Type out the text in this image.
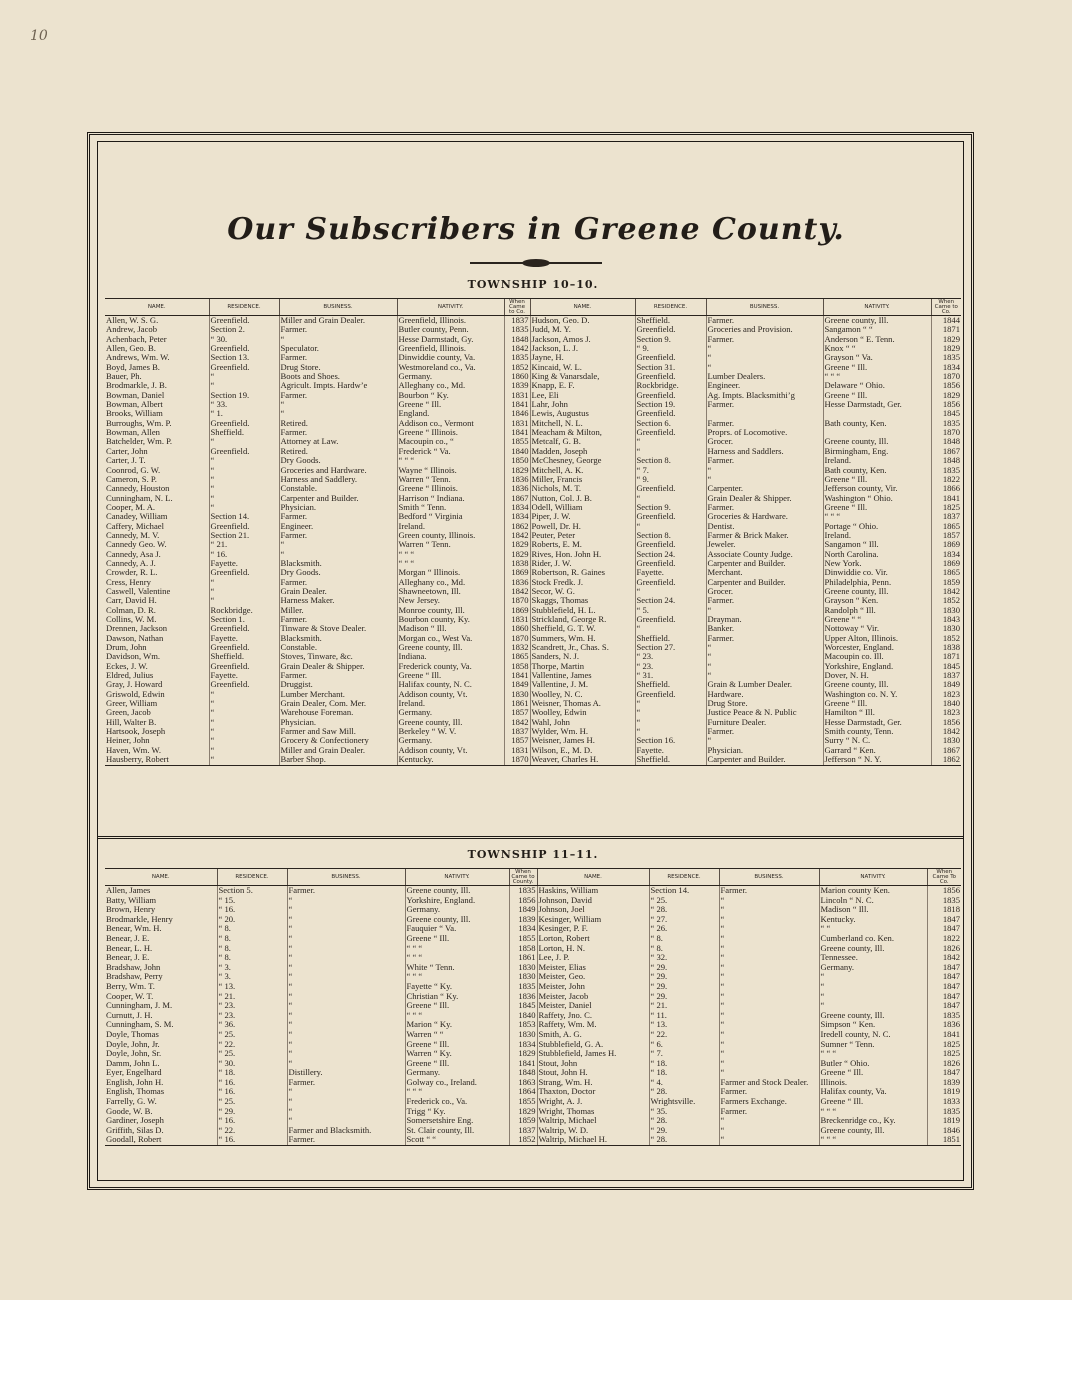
10
Our Subscribers in Greene County.
TOWNSHIP 10–10.
NAME.	RESIDENCE.	BUSINESS.	NATIVITY.	When Came to Co.	NAME.	RESIDENCE.	BUSINESS.	NATIVITY.	When Came to Co.
Allen, W. S. G.	Greenfield.	Miller and Grain Dealer.	Greenfield, Illinois.	1837	Hudson, Geo. D.	Sheffield.	Farmer.	Greene county, Ill.	1844
Andrew, Jacob	Section 2.	Farmer.	Butler county, Penn.	1835	Judd, M. Y.	Greenfield.	Groceries and Provision.	Sangamon “ “	1871
Achenbach, Peter	“ 30.	“	Hesse Darmstadt, Gy.	1848	Jackson, Amos J.	Section 9.	Farmer.	Anderson “ E. Tenn.	1829
Allen, Geo. B.	Greenfield.	Speculator.	Greenfield, Illinois.	1842	Jackson, L. J.	“ 9.	“	Knox “ “	1829
Andrews, Wm. W.	Section 13.	Farmer.	Dinwiddie county, Va.	1835	Jayne, H.	Greenfield.	“	Grayson “ Va.	1835
Boyd, James B.	Greenfield.	Drug Store.	Westmoreland co., Va.	1852	Kincaid, W. L.	Section 31.	“	Greene “ Ill.	1834
Bauer, Ph.	“	Boots and Shoes.	Germany.	1860	King & Vanarsdale,	Greenfield.	Lumber Dealers.	“ “ “	1870
Brodmarkle, J. B.	“	Agricult. Impts. Hardw’e	Alleghany co., Md.	1839	Knapp, E. F.	Rockbridge.	Engineer.	Delaware “ Ohio.	1856
Bowman, Daniel	Section 19.	Farmer.	Bourbon “ Ky.	1831	Lee, Eli	Greenfield.	Ag. Impts. Blacksmithi’g	Greene “ Ill.	1829
Bowman, Albert	“ 33.	“	Greene “ Ill.	1841	Lahr, John	Section 19.	Farmer.	Hesse Darmstadt, Ger.	1856
Brooks, William	“ 1.	“	England.	1846	Lewis, Augustus	Greenfield.			1845
Burroughs, Wm. P.	Greenfield.	Retired.	Addison co., Vermont	1831	Mitchell, N. L.	Section 6.	Farmer.	Bath county, Ken.	1835
Bowman, Allen	Sheffield.	Farmer.	Greene “ Illinois.	1841	Meacham & Milton,	Greenfield.	Proprs. of Locomotive.		1870
Batchelder, Wm. P.	“	Attorney at Law.	Macoupin co., “	1855	Metcalf, G. B.	“	Grocer.	Greene county, Ill.	1848
Carter, John	Greenfield.	Retired.	Frederick “ Va.	1840	Madden, Joseph	“	Harness and Saddlers.	Birmingham, Eng.	1867
Carter, J. T.	“	Dry Goods.	“ “ “	1850	McChesney, George	Section 8.	Farmer.	Ireland.	1848
Coonrod, G. W.	“	Groceries and Hardware.	Wayne “ Illinois.	1829	Mitchell, A. K.	“ 7.	“	Bath county, Ken.	1835
Cameron, S. P.	“	Harness and Saddlery.	Warren “ Tenn.	1836	Miller, Francis	“ 9.	“	Greene “ Ill.	1822
Cannedy, Houston	“	Constable.	Greene “ Illinois.	1836	Nichols, M. T.	Greenfield.	Carpenter.	Jefferson county, Vir.	1866
Cunningham, N. L.	“	Carpenter and Builder.	Harrison “ Indiana.	1867	Nutton, Col. J. B.	“	Grain Dealer & Shipper.	Washington “ Ohio.	1841
Cooper, M. A.	“	Physician.	Smith “ Tenn.	1834	Odell, William	Section 9.	Farmer.	Greene “ Ill.	1825
Canadey, William	Section 14.	Farmer.	Bedford “ Virginia	1834	Piper, J. W.	Greenfield.	Groceries & Hardware.	“ “ “	1837
Caffery, Michael	Greenfield.	Engineer.	Ireland.	1862	Powell, Dr. H.	“	Dentist.	Portage “ Ohio.	1865
Cannedy, M. V.	Section 21.	Farmer.	Green county, Illinois.	1842	Peuter, Peter	Section 8.	Farmer & Brick Maker.	Ireland.	1857
Cannedy Geo. W.	“ 21.	“	Warren “ Tenn.	1829	Roberts, E. M.	Greenfield.	Jeweler.	Sangamon “ Ill.	1869
Cannedy, Asa J.	“ 16.	“	“ “ “	1829	Rives, Hon. John H.	Section 24.	Associate County Judge.	North Carolina.	1834
Cannedy, A. J.	Fayette.	Blacksmith.	“ “ “	1838	Rider, J. W.	Greenfield.	Carpenter and Builder.	New York.	1869
Crowder, R. L.	Greenfield.	Dry Goods.	Morgan “ Illinois.	1869	Robertson, R. Gaines	Fayette.	Merchant.	Dinwiddie co. Vir.	1865
Cress, Henry	“	Farmer.	Alleghany co., Md.	1836	Stock Fredk. J.	Greenfield.	Carpenter and Builder.	Philadelphia, Penn.	1859
Caswell, Valentine	“	Grain Dealer.	Shawneetown, Ill.	1842	Secor, W. G.	“	Grocer.	Greene county, Ill.	1842
Carr, David H.	“	Harness Maker.	New Jersey.	1870	Skaggs, Thomas	Section 24.	Farmer.	Grayson “ Ken.	1852
Colman, D. R.	Rockbridge.	Miller.	Monroe county, Ill.	1869	Stubblefield, H. L.	“ 5.	“	Randolph “ Ill.	1830
Collins, W. M.	Section 1.	Farmer.	Bourbon county, Ky.	1831	Strickland, George R.	Greenfield.	Drayman.	Greene “ “	1843
Drennen, Jackson	Greenfield.	Tinware & Stove Dealer.	Madison “ Ill.	1860	Sheffield, G. T. W.	“	Banker.	Nottoway “ Vir.	1830
Dawson, Nathan	Fayette.	Blacksmith.	Morgan co., West Va.	1870	Summers, Wm. H.	Sheffield.	Farmer.	Upper Alton, Illinois.	1852
Drum, John	Greenfield.	Constable.	Greene county, Ill.	1832	Scandrett, Jr., Chas. S.	Section 27.	“	Worcester, England.	1838
Davidson, Wm.	Sheffield.	Stoves, Tinware, &c.	Indiana.	1865	Sanders, N. J.	“ 23.	“	Macoupin co. Ill.	1871
Eckes, J. W.	Greenfield.	Grain Dealer & Shipper.	Frederick county, Va.	1858	Thorpe, Martin	“ 23.	“	Yorkshire, England.	1845
Eldred, Julius	Fayette.	Farmer.	Greene “ Ill.	1841	Vallentine, James	“ 31.	“	Dover, N. H.	1837
Gray, J. Howard	Greenfield.	Druggist.	Halifax county, N. C.	1849	Vallentine, J. M.	Sheffield.	Grain & Lumber Dealer.	Greene county, Ill.	1849
Griswold, Edwin	“	Lumber Merchant.	Addison county, Vt.	1830	Woolley, N. C.	Greenfield.	Hardware.	Washington co. N. Y.	1823
Greer, William	“	Grain Dealer, Com. Mer.	Ireland.	1861	Weisner, Thomas A.	“	Drug Store.	Greene “ Ill.	1840
Green, Jacob	“	Warehouse Foreman.	Germany.	1857	Woolley, Edwin	“	Justice Peace & N. Public	Hamilton “ Ill.	1823
Hill, Walter B.	“	Physician.	Greene county, Ill.	1842	Wahl, John	“	Furniture Dealer.	Hesse Darmstadt, Ger.	1856
Hartsook, Joseph	“	Farmer and Saw Mill.	Berkeley “ W. V.	1837	Wylder, Wm. H.	“	Farmer.	Smith county, Tenn.	1842
Heiner, John	“	Grocery & Confectionery	Germany.	1857	Weisner, James H.	Section 16.	“	Surry “ N. C.	1830
Haven, Wm. W.	“	Miller and Grain Dealer.	Addison county, Vt.	1831	Wilson, E., M. D.	Fayette.	Physician.	Garrard “ Ken.	1867
Hausberry, Robert	“	Barber Shop.	Kentucky.	1870	Weaver, Charles H.	Sheffield.	Carpenter and Builder.	Jefferson “ N. Y.	1862
TOWNSHIP 11–11.
NAME.	RESIDENCE.	BUSINESS.	NATIVITY.	When Came to County.	NAME.	RESIDENCE.	BUSINESS.	NATIVITY.	When Came To Co.
Allen, James	Section 5.	Farmer.	Greene county, Ill.	1835	Haskins, William	Section 14.	Farmer.	Marion county Ken.	1856
Batty, William	“ 15.	“	Yorkshire, England.	1856	Johnson, David	“ 25.	“	Lincoln “ N. C.	1835
Brown, Henry	“ 16.	“	Germany.	1849	Johnson, Joel	“ 28.	“	Madison “ Ill.	1818
Brodmarkle, Henry	“ 20.	“	Greene county, Ill.	1839	Kesinger, William	“ 27.	“	Kentucky.	1847
Benear, Wm. H.	“ 8.	“	Fauquier “ Va.	1834	Kesinger, P. F.	“ 26.	“	“ “	1847
Benear, J. E.	“ 8.	“	Greene “ Ill.	1855	Lorton, Robert	“ 8.	“	Cumberland co. Ken.	1822
Benear, L. H.	“ 8.	“	“ “ “	1858	Lorton, H. N.	“ 8.	“	Greene county, Ill.	1826
Benear, J. E.	“ 8.	“	“ “ “	1861	Lee, J. P.	“ 32.	“	Tennessee.	1842
Bradshaw, John	“ 3.	“	White “ Tenn.	1830	Meister, Elias	“ 29.	“	Germany.	1847
Bradshaw, Perry	“ 3.	“	“ “ “	1830	Meister, Geo.	“ 29.	“	“	1847
Berry, Wm. T.	“ 13.	“	Fayette “ Ky.	1835	Meister, John	“ 29.	“	“	1847
Cooper, W. T.	“ 21.	“	Christian “ Ky.	1836	Meister, Jacob	“ 29.	“	“	1847
Cunningham, J. M.	“ 23.	“	Greene “ Ill.	1845	Meister, Daniel	“ 21.	“	“	1847
Curnutt, J. H.	“ 23.	“	“ “ “	1840	Raffety, Jno. C.	“ 11.	“	Greene county, Ill.	1835
Cunningham, S. M.	“ 36.	“	Marion “ Ky.	1853	Raffety, Wm. M.	“ 13.	“	Simpson “ Ken.	1836
Doyle, Thomas	“ 25.	“	Warren “ “	1830	Smith, A. G.	“ 22.	“	Iredell county, N. C.	1841
Doyle, John, Jr.	“ 22.	“	Greene “ Ill.	1834	Stubblefield, G. A.	“ 6.	“	Sumner “ Tenn.	1825
Doyle, John, Sr.	“ 25.	“	Warren “ Ky.	1829	Stubblefield, James H.	“ 7.	“	“ “ “	1825
Damm, John L.	“ 30.	“	Greene “ Ill.	1841	Stout, John	“ 18.	“	Butler “ Ohio.	1826
Eyer, Engelhard	“ 18.	Distillery.	Germany.	1848	Stout, John H.	“ 18.	“	Greene “ Ill.	1847
English, John H.	“ 16.	Farmer.	Golway co., Ireland.	1863	Strang, Wm. H.	“ 4.	Farmer and Stock Dealer.	Illinois.	1839
English, Thomas	“ 16.	“	“ “ “	1864	Thaxton, Doctor	“ 28.	Farmer.	Halifax county, Va.	1819
Farrelly, G. W.	“ 25.	“	Frederick co., Va.	1855	Wright, A. J.	Wrightsville.	Farmers Exchange.	Greene “ Ill.	1833
Goode, W. B.	“ 29.	“	Trigg “ Ky.	1829	Wright, Thomas	“ 35.	Farmer.	“ “ “	1835
Gardiner, Joseph	“ 16.	“	Somersetshire Eng.	1859	Waltrip, Michael	“ 28.	“	Breckenridge co., Ky.	1819
Griffith, Silas D.	“ 22.	Farmer and Blacksmith.	St. Clair county, Ill.	1837	Waltrip, W. D.	“ 29.	“	Greene county, Ill.	1846
Goodall, Robert	“ 16.	Farmer.	Scott “ “	1852	Waltrip, Michael H.	“ 28.	“	“ “ “	1851
